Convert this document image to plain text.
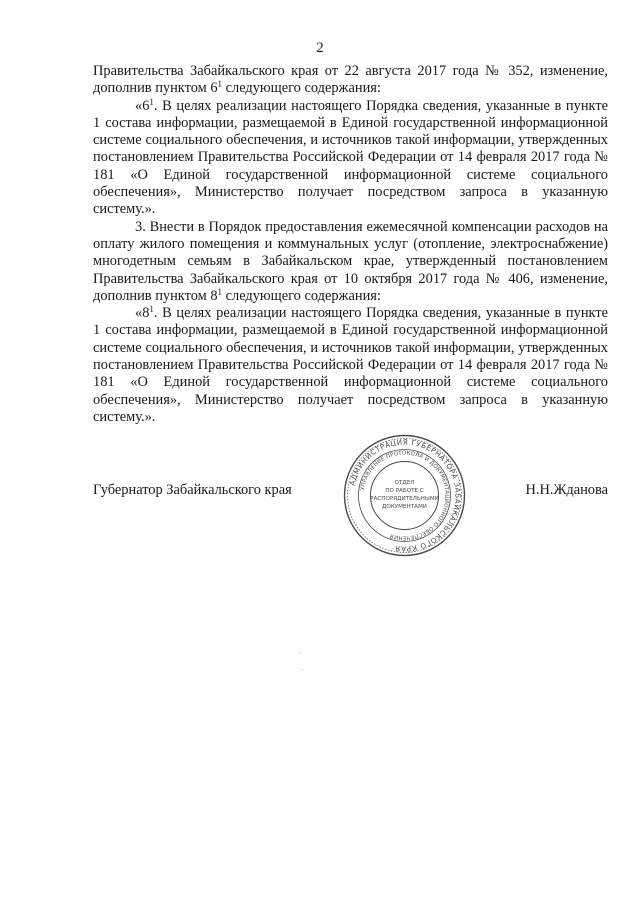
2

Правительства Забайкальского края от 22 августа 2017 года № 352, изменение, дополнив пунктом $6^1$ следующего содержания:

«$6^1$. В целях реализации настоящего Порядка сведения, указанные в пункте 1 состава информации, размещаемой в Единой государственной информационной системе социального обеспечения, и источников такой информации, утвержденных постановлением Правительства Российской Федерации от 14 февраля 2017 года № 181 «О Единой государственной информационной системе социального обеспечения», Министерство получает посредством запроса в указанную систему.».

3. Внести в Порядок предоставления ежемесячной компенсации расходов на оплату жилого помещения и коммунальных услуг (отопление, электроснабжение) многодетным семьям в Забайкальском крае, утвержденный постановлением Правительства Забайкальского края от 10 октября 2017 года № 406, изменение, дополнив пунктом $8^1$ следующего содержания:

«$8^1$. В целях реализации настоящего Порядка сведения, указанные в пункте 1 состава информации, размещаемой в Единой государственной информационной системе социального обеспечения, и источников такой информации, утвержденных постановлением Правительства Российской Федерации от 14 февраля 2017 года № 181 «О Единой государственной информационной системе социального обеспечения», Министерство получает посредством запроса в указанную систему.».

Губернатор Забайкальского края	Н.Н.Жданова
АДМИНИСТРАЦИЯ ГУБЕРНАТОРА ЗАБАЙКАЛЬСКОГО КРАЯ
УПРАВЛЕНИЕ ПРОТОКОЛА И ДОКУМЕНТАЦИОННОГО ОБЕСПЕЧЕНИЯ
ОТДЕЛ
ПО РАБОТЕ С
РАСПОРЯДИТЕЛЬНЫМИ
ДОКУМЕНТАМИ
